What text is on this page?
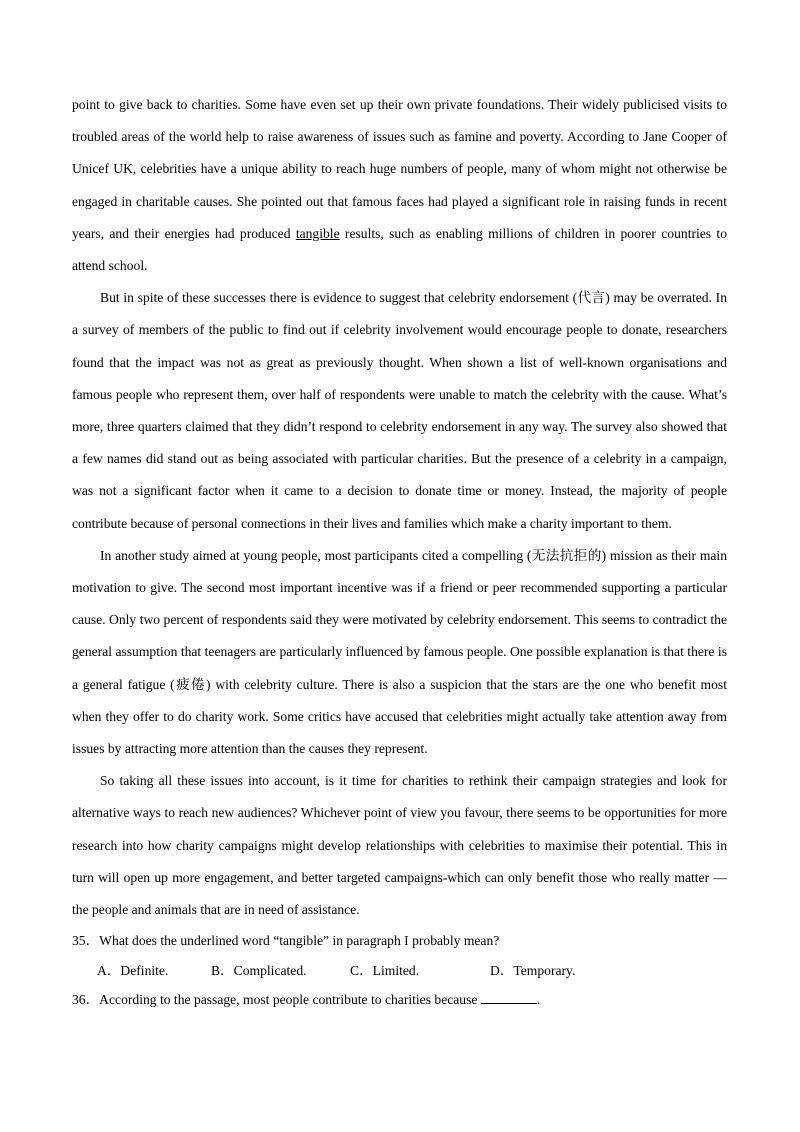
point to give back to charities. Some have even set up their own private foundations. Their widely publicised visits to troubled areas of the world help to raise awareness of issues such as famine and poverty. According to Jane Cooper of Unicef UK, celebrities have a unique ability to reach huge numbers of people, many of whom might not otherwise be engaged in charitable causes. She pointed out that famous faces had played a significant role in raising funds in recent years, and their energies had produced tangible results, such as enabling millions of children in poorer countries to attend school.

But in spite of these successes there is evidence to suggest that celebrity endorsement (代言) may be overrated. In a survey of members of the public to find out if celebrity involvement would encourage people to donate, researchers found that the impact was not as great as previously thought. When shown a list of well-known organisations and famous people who represent them, over half of respondents were unable to match the celebrity with the cause. What’s more, three quarters claimed that they didn’t respond to celebrity endorsement in any way. The survey also showed that a few names did stand out as being associated with particular charities. But the presence of a celebrity in a campaign, was not a significant factor when it came to a decision to donate time or money. Instead, the majority of people contribute because of personal connections in their lives and families which make a charity important to them.

In another study aimed at young people, most participants cited a compelling (无法抗拒的) mission as their main motivation to give. The second most important incentive was if a friend or peer recommended supporting a particular cause. Only two percent of respondents said they were motivated by celebrity endorsement. This seems to contradict the general assumption that teenagers are particularly influenced by famous people. One possible explanation is that there is a general fatigue (疲倦) with celebrity culture. There is also a suspicion that the stars are the one who benefit most when they offer to do charity work. Some critics have accused that celebrities might actually take attention away from issues by attracting more attention than the causes they represent.

So taking all these issues into account, is it time for charities to rethink their campaign strategies and look for alternative ways to reach new audiences? Whichever point of view you favour, there seems to be opportunities for more research into how charity campaigns might develop relationships with celebrities to maximise their potential. This in turn will open up more engagement, and better targeted campaigns-which can only benefit those who really matter — the people and animals that are in need of assistance.

35．What does the underlined word “tangible” in paragraph I probably mean?

A．Definite.	B．Complicated.	C．Limited.	D．Temporary.

36．According to the passage, most people contribute to charities because	.
